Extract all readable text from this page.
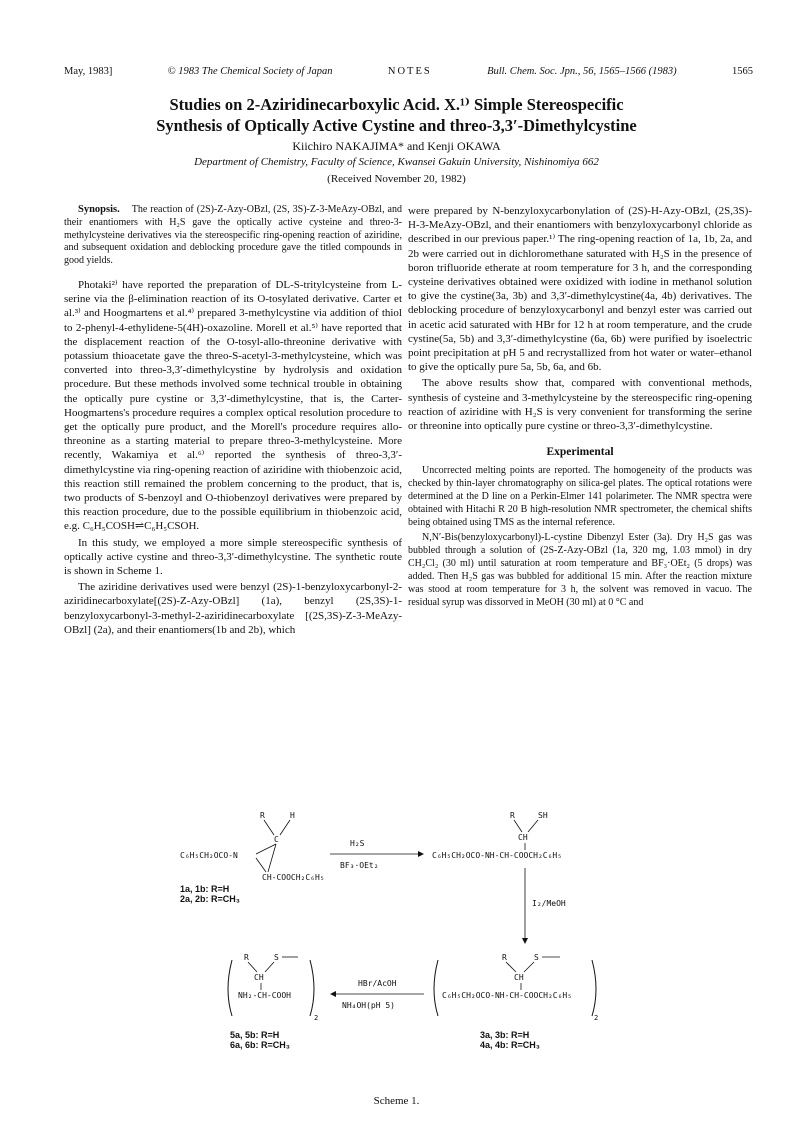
May, 1983]	© 1983 The Chemical Society of Japan	NOTES	Bull. Chem. Soc. Jpn., 56, 1565–1566 (1983)	1565
Studies on 2-Aziridinecarboxylic Acid. X.¹⁾ Simple Stereospecific
Synthesis of Optically Active Cystine and threo-3,3′-Dimethylcystine
Kiichiro NAKAJIMA* and Kenji OKAWA
Department of Chemistry, Faculty of Science, Kwansei Gakuin University, Nishinomiya 662
(Received November 20, 1982)

Synopsis. The reaction of (2S)-Z-Azy-OBzl, (2S, 3S)-Z-3-MeAzy-OBzl, and their enantiomers with H₂S gave the optically active cysteine and threo-3-methylcysteine derivatives via the stereospecific ring-opening reaction of aziridine, and subsequent oxidation and deblocking procedure gave the titled compounds in good yields.

Photaki²⁾ have reported the preparation of DL-S-tritylcysteine from L-serine via the β-elimination reaction of its O-tosylated derivative. Carter et al.³⁾ and Hoogmartens et al.⁴⁾ prepared 3-methylcystine via addition of thiol to 2-phenyl-4-ethylidene-5(4H)-oxazoline. Morell et al.⁵⁾ have reported that the displacement reaction of the O-tosyl-allo-threonine derivative with potassium thioacetate gave the threo-S-acetyl-3-methylcysteine, which was converted into threo-3,3′-dimethylcystine by hydrolysis and oxidation procedure. But these methods involved some technical trouble in obtaining the optically pure cystine or 3,3′-dimethylcystine, that is, the Carter-Hoogmartens's procedure requires a complex optical resolution procedure to get the optically pure product, and the Morell's procedure requires allo-threonine as a starting material to prepare threo-3-methylcysteine. More recently, Wakamiya et al.⁶⁾ reported the synthesis of threo-3,3′-dimethylcystine via ring-opening reaction of aziridine with thiobenzoic acid, this reaction still remained the problem concerning to the product, that is, two products of S-benzoyl and O-thiobenzoyl derivatives were prepared by this reaction procedure, due to the possible equilibrium in thiobenzoic acid, e.g. C₆H₅COSH⇌C₆H₅CSOH.

In this study, we employed a more simple stereospecific synthesis of optically active cystine and threo-3,3′-dimethylcystine. The synthetic route is shown in Scheme 1.

The aziridine derivatives used were benzyl (2S)-1-benzyloxycarbonyl-2-aziridinecarboxylate[(2S)-Z-Azy-OBzl] (1a), benzyl (2S,3S)-1-benzyloxycarbonyl-3-methyl-2-aziridinecarboxylate [(2S,3S)-Z-3-MeAzy-OBzl] (2a), and their enantiomers(1b and 2b), which

were prepared by N-benzyloxycarbonylation of (2S)-H-Azy-OBzl, (2S,3S)-H-3-MeAzy-OBzl, and their enantiomers with benzyloxycarbonyl chloride as described in our previous paper.¹⁾ The ring-opening reaction of 1a, 1b, 2a, and 2b were carried out in dichloromethane saturated with H₂S in the presence of boron trifluoride etherate at room temperature for 3 h, and the corresponding cysteine derivatives obtained were oxidized with iodine in methanol solution to give the cystine(3a, 3b) and 3,3′-dimethylcystine(4a, 4b) derivatives. The deblocking procedure of benzyloxycarbonyl and benzyl ester was carried out in acetic acid saturated with HBr for 12 h at room temperature, and the crude cystine(5a, 5b) and 3,3′-dimethylcystine (6a, 6b) were purified by isoelectric point precipitation at pH 5 and recrystallized from hot water or water–ethanol to give the optically pure 5a, 5b, 6a, and 6b.

The above results show that, compared with conventional methods, synthesis of cysteine and 3-methylcysteine by the stereospecific ring-opening reaction of aziridine with H₂S is very convenient for transforming the serine or threonine into optically pure cystine or threo-3,3′-dimethylcystine.

Experimental

Uncorrected melting points are reported. The homogeneity of the products was checked by thin-layer chromatography on silica-gel plates. The optical rotations were determined at the D line on a Perkin-Elmer 141 polarimeter. The NMR spectra were obtained with Hitachi R 20 B high-resolution NMR spectrometer, the chemical shifts being obtained using TMS as the internal reference.

N,N′-Bis(benzyloxycarbonyl)-L-cystine Dibenzyl Ester (3a). Dry H₂S gas was bubbled through a solution of (2S-Z-Azy-OBzl (1a, 320 mg, 1.03 mmol) in dry CH₂Cl₂ (30 ml) until saturation at room temperature and BF₃·OEt₂ (5 drops) was added. Then H₂S gas was bubbled for additional 15 min. After the reaction mixture was stood at room temperature for 3 h, the solvent was removed in vacuo. The residual syrup was dissorved in MeOH (30 ml) at 0 °C and

R	H
C
C₆H₅CH₂OCO-N
CH-COOCH₂C₆H₅
H₂S
BF₃·OEt₂
R	SH
CH
C₆H₅CH₂OCO-NH-CH-COOCH₂C₆H₅
1a, 1b: R=H
2a, 2b: R=CH₃	I₂/MeOH
R	S
CH
C₆H₅CH₂OCO-NH-CH-COOCH₂C₆H₅
2
3a, 3b: R=H
4a, 4b: R=CH₃
HBr/AcOH
NH₄OH(pH 5)
R	S
CH
NH₂-CH-COOH
2
5a, 5b: R=H
6a, 6b: R=CH₃
Scheme 1.
